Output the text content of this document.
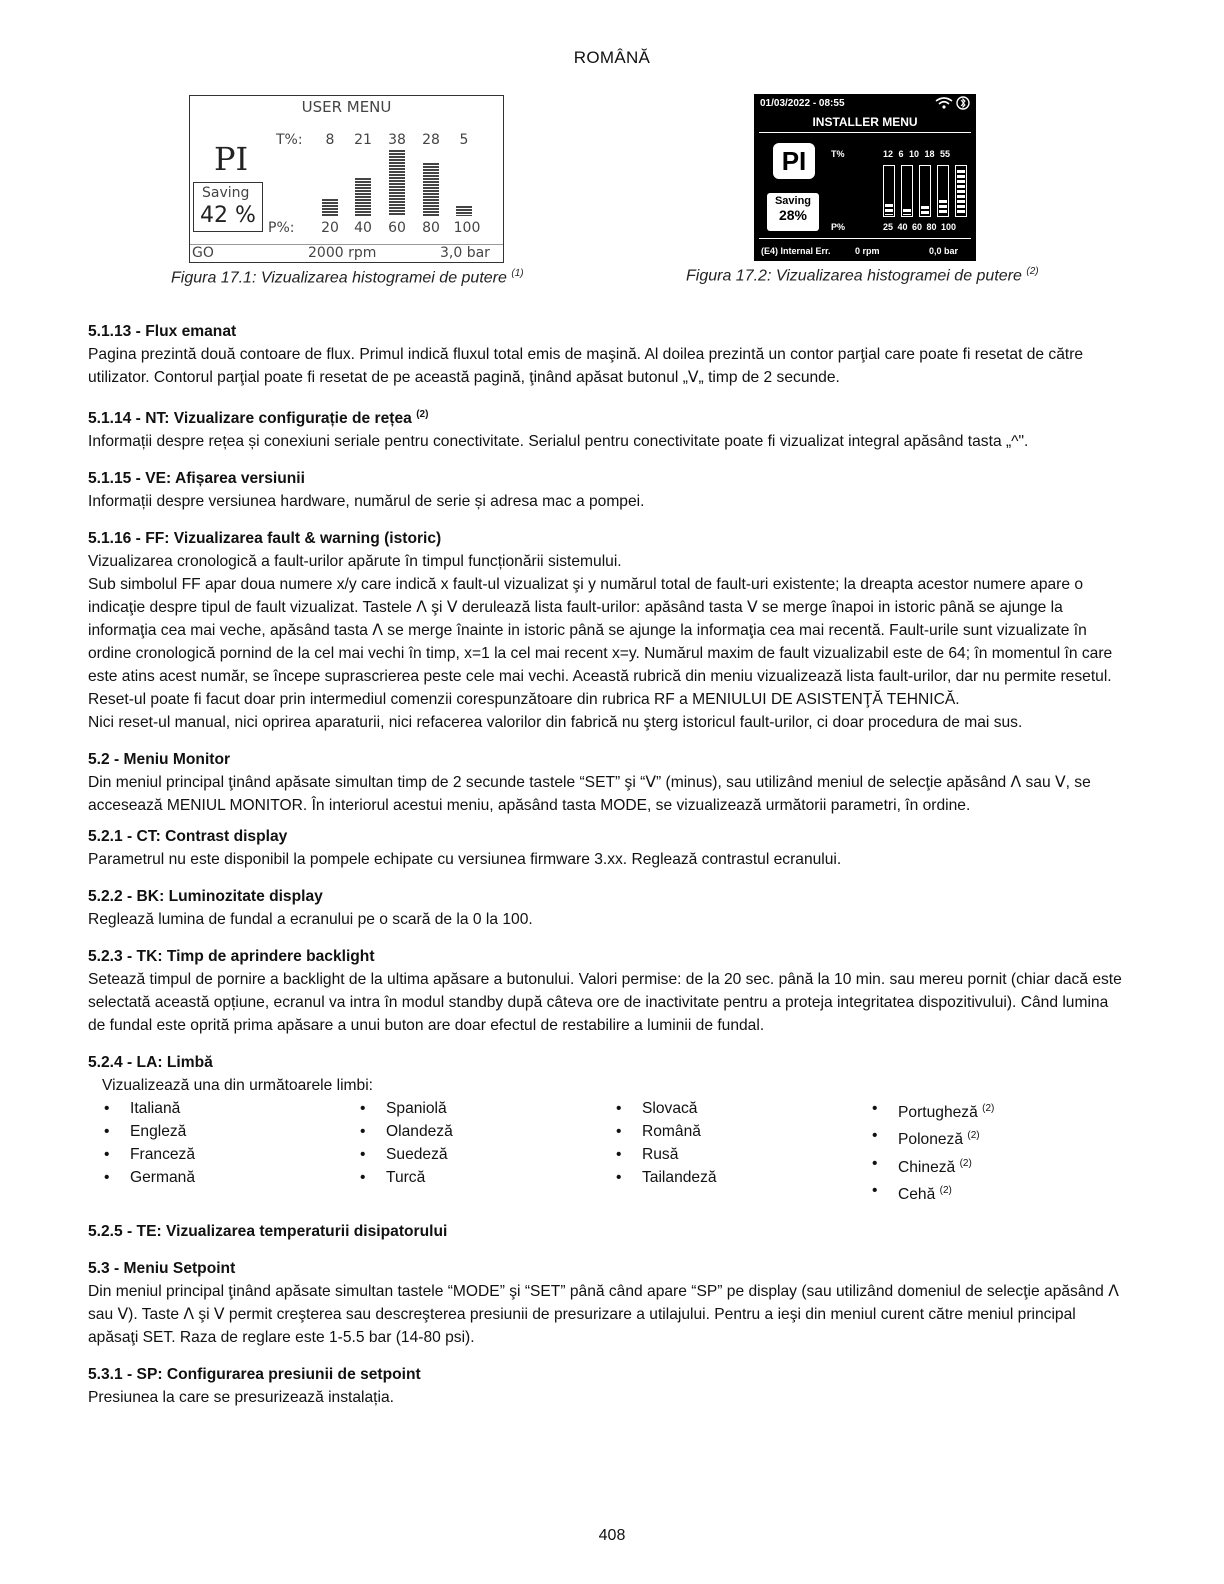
ROMÂNĂ
USER MENU
PI T%:	8	21	38	28	5
Saving
42 % P%:	20	40	60	80 100
GO	2000 rpm	3,0 bar
Figura 17.1: Vizualizarea histogramei de putere $^{(1)}$
01/03/2022 - 08:55
INSTALLER MENU
PI	T%	12 6 10 18 55
Saving
28%
P%	25 40 60 80 100
(E4) Internal Err.	0 rpm	0,0 bar
Figura 17.2: Vizualizarea histogramei de putere $^{(2)}$
5.1.13 - Flux emanat

Pagina prezintă două contoare de flux. Primul indică fluxul total emis de maşină. Al doilea prezintă un contor parţial care poate fi resetat de către utilizator. Contorul parţial poate fi resetat de pe această pagină, ţinând apăsat butonul „ᐯ„ timp de 2 secunde.

5.1.14 - NT: Vizualizare configurație de rețea $^{(2)}$

Informații despre rețea și conexiuni seriale pentru conectivitate. Serialul pentru conectivitate poate fi vizualizat integral apăsând tasta „^".

5.1.15 - VE: Afișarea versiunii

Informații despre versiunea hardware, numărul de serie și adresa mac a pompei.

5.1.16 - FF: Vizualizarea fault & warning (istoric)

Vizualizarea cronologică a fault-urilor apărute în timpul funcționării sistemului.

Sub simbolul FF apar doua numere x/y care indică x fault-ul vizualizat şi y numărul total de fault-uri existente; la dreapta acestor numere apare o indicaţie despre tipul de fault vizualizat. Tastele ᐱ şi ᐯ derulează lista fault-urilor: apăsând tasta ᐯ se merge înapoi in istoric până se ajunge la informaţia cea mai veche, apăsând tasta ᐱ se merge înainte in istoric până se ajunge la informaţia cea mai recentă. Fault-urile sunt vizualizate în ordine cronologică pornind de la cel mai vechi în timp, x=1 la cel mai recent x=y. Numărul maxim de fault vizualizabil este de 64; în momentul în care este atins acest număr, se începe suprascrierea peste cele mai vechi. Această rubrică din meniu vizualizează lista fault-urilor, dar nu permite resetul. Reset-ul poate fi facut doar prin intermediul comenzii corespunzătoare din rubrica RF a MENIULUI DE ASISTENŢĂ TEHNICĂ.

Nici reset-ul manual, nici oprirea aparaturii, nici refacerea valorilor din fabrică nu şterg istoricul fault-urilor, ci doar procedura de mai sus.

5.2 - Meniu Monitor

Din meniul principal ţinând apăsate simultan timp de 2 secunde tastele “SET” şi “ᐯ” (minus), sau utilizând meniul de selecţie apăsând ᐱ sau ᐯ, se accesează MENIUL MONITOR. În interiorul acestui meniu, apăsând tasta MODE, se vizualizează următorii parametri, în ordine.

5.2.1 - CT: Contrast display

Parametrul nu este disponibil la pompele echipate cu versiunea firmware 3.xx. Reglează contrastul ecranului.

5.2.2 - BK: Luminozitate display

Reglează lumina de fundal a ecranului pe o scară de la 0 la 100.

5.2.3 - TK: Timp de aprindere backlight

Setează timpul de pornire a backlight de la ultima apăsare a butonului. Valori permise: de la 20 sec. până la 10 min. sau mereu pornit (chiar dacă este selectată această opțiune, ecranul va intra în modul standby după câteva ore de inactivitate pentru a proteja integritatea dispozitivului). Când lumina de fundal este oprită prima apăsare a unui buton are doar efectul de restabilire a luminii de fundal.

5.2.4 - LA: Limbă

Vizualizează una din următoarele limbi:

• Italiană
• Engleză
• Franceză
• Germană
• Spaniolă
• Olandeză
• Suedeză
• Turcă
• Slovacă
• Română
• Rusă
• Tailandeză
• Portugheză $^{(2)}$
• Poloneză $^{(2)}$
• Chineză $^{(2)}$
• Cehă $^{(2)}$
5.2.5 - TE: Vizualizarea temperaturii disipatorului
5.3 - Meniu Setpoint

Din meniul principal ţinând apăsate simultan tastele “MODE” şi “SET” până când apare “SP” pe display (sau utilizând domeniul de selecţie apăsând ᐱ sau ᐯ). Taste ᐱ şi ᐯ permit creşterea sau descreşterea presiunii de presurizare a utilajului. Pentru a ieşi din meniul curent către meniul principal apăsaţi SET. Raza de reglare este 1-5.5 bar (14-80 psi).

5.3.1 - SP: Configurarea presiunii de setpoint

Presiunea la care se presurizează instalația.

408
